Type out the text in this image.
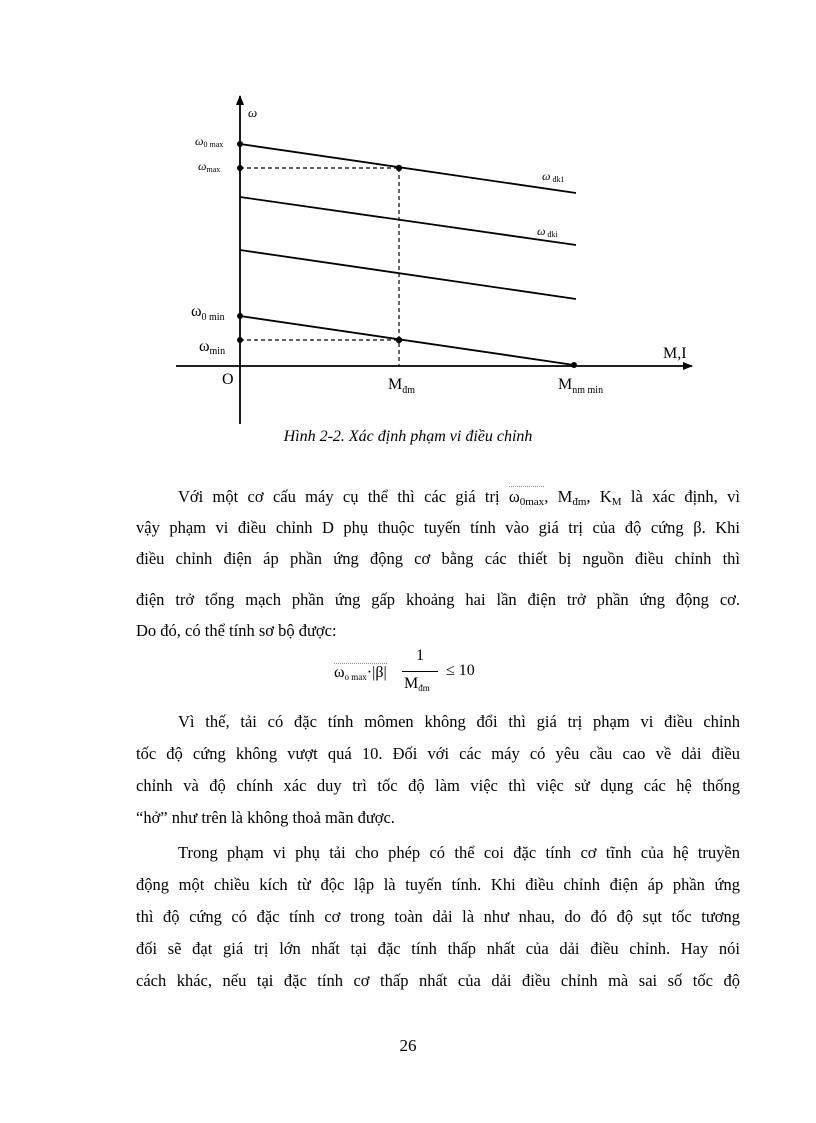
ω
M,I
O
ω0 max
ωmax
$\omega_{0 min}$
ωmin
$M_{đm}$	$M_{nm min}$
ω đk1
ω đki
Hình 2-2. Xác định phạm vi điều chỉnh
Với một cơ cấu máy cụ thể thì các giá trị $\omega_{0max}$, $M_{đm}$, $K_M$ là xác định, vì
vậy phạm vi điều chỉnh D phụ thuộc tuyến tính vào giá trị của độ cứng β. Khi
điều chỉnh điện áp phần ứng động cơ bằng các thiết bị nguồn điều chỉnh thì
điện trở tổng mạch phần ứng gấp khoảng hai lần điện trở phần ứng động cơ.
Do đó, có thể tính sơ bộ được:
$\omega_{o max}\cdot|\beta|$
1
$M_{đm}$
≤ 10
Vì thế, tải có đặc tính mômen không đổi thì giá trị phạm vi điều chỉnh
tốc độ cứng không vượt quá 10. Đối với các máy có yêu cầu cao về dải điều
chỉnh và độ chính xác duy trì tốc độ làm việc thì việc sử dụng các hệ thống
“hở” như trên là không thoả mãn được.
Trong phạm vi phụ tải cho phép có thể coi đặc tính cơ tĩnh của hệ truyền
động một chiều kích từ độc lập là tuyến tính. Khi điều chỉnh điện áp phần ứng
thì độ cứng có đặc tính cơ trong toàn dải là như nhau, do đó độ sụt tốc tương
đối sẽ đạt giá trị lớn nhất tại đặc tính thấp nhất của dải điều chỉnh. Hay nói
cách khác, nếu tại đặc tính cơ thấp nhất của dải điều chỉnh mà sai số tốc độ
26
